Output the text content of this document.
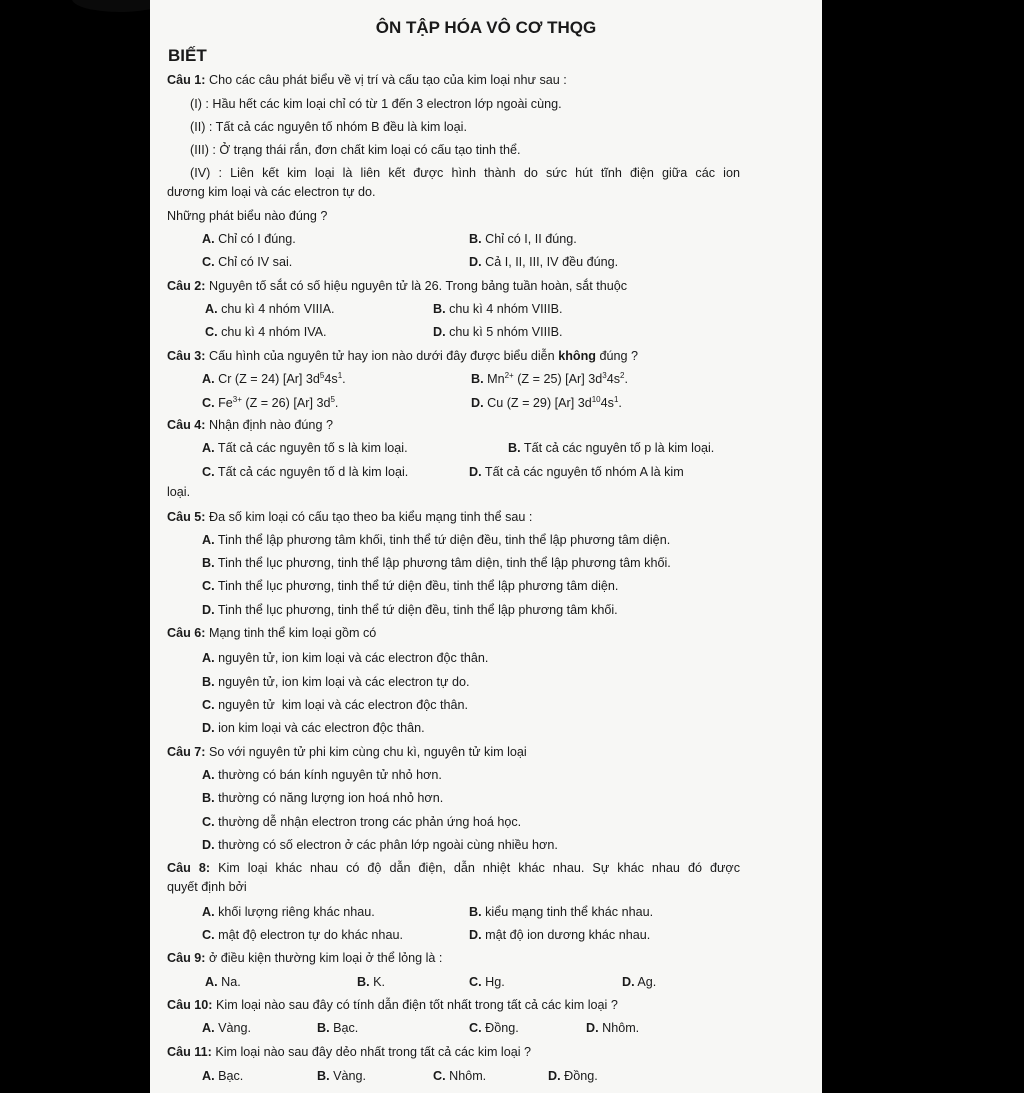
ÔN TẬP HÓA VÔ CƠ THQG
BIẾT
Câu 1: Cho các câu phát biểu về vị trí và cấu tạo của kim loại như sau :
(I) : Hầu hết các kim loại chỉ có từ 1 đến 3 electron lớp ngoài cùng.
(II) : Tất cả các nguyên tố nhóm B đều là kim loại.
(III) : Ở trạng thái rắn, đơn chất kim loại có cấu tạo tinh thể.
(IV) : Liên kết kim loại là liên kết được hình thành do sức hút tĩnh điện giữa các ion
dương kim loại và các electron tự do.
Những phát biểu nào đúng ?
A. Chỉ có I đúng.	B. Chỉ có I, II đúng.
C. Chỉ có IV sai.	D. Cả I, II, III, IV đều đúng.
Câu 2: Nguyên tố sắt có số hiệu nguyên tử là 26. Trong bảng tuần hoàn, sắt thuộc
A. chu kì 4 nhóm VIIIA.	B. chu kì 4 nhóm VIIIB.
C. chu kì 4 nhóm IVA.	D. chu kì 5 nhóm VIIIB.
Câu 3: Cấu hình của nguyên tử hay ion nào dưới đây được biểu diễn không đúng ?
A. Cr (Z = 24) [Ar] $3d^54s^1$.	B. $Mn^{2+}$ (Z = 25) [Ar] $3d^34s^2$.
C. $Fe^{3+}$ (Z = 26) [Ar] $3d^5$.	D. Cu (Z = 29) [Ar] $3d^{10}4s^1$.
Câu 4: Nhận định nào đúng ?
A. Tất cả các nguyên tố s là kim loại.	B. Tất cả các nguyên tố p là kim loại.
C. Tất cả các nguyên tố d là kim loại.	D. Tất cả các nguyên tố nhóm A là kim
loại.
Câu 5: Đa số kim loại có cấu tạo theo ba kiểu mạng tinh thể sau :
A. Tinh thể lập phương tâm khối, tinh thể tứ diện đều, tinh thể lập phương tâm diện.
B. Tinh thể lục phương, tinh thể lập phương tâm diện, tinh thể lập phương tâm khối.
C. Tinh thể lục phương, tinh thể tứ diện đều, tinh thể lập phương tâm diện.
D. Tinh thể lục phương, tinh thể tứ diện đều, tinh thể lập phương tâm khối.
Câu 6: Mạng tinh thể kim loại gồm có
A. nguyên tử, ion kim loại và các electron độc thân.
B. nguyên tử, ion kim loại và các electron tự do.
C. nguyên tử  kim loại và các electron độc thân.
D. ion kim loại và các electron độc thân.
Câu 7: So với nguyên tử phi kim cùng chu kì, nguyên tử kim loại
A. thường có bán kính nguyên tử nhỏ hơn.
B. thường có năng lượng ion hoá nhỏ hơn.
C. thường dễ nhận electron trong các phản ứng hoá học.
D. thường có số electron ở các phân lớp ngoài cùng nhiều hơn.
Câu 8: Kim loại khác nhau có độ dẫn điện, dẫn nhiệt khác nhau. Sự khác nhau đó được
quyết định bởi
A. khối lượng riêng khác nhau.	B. kiểu mạng tinh thể khác nhau.
C. mật độ electron tự do khác nhau.	D. mật độ ion dương khác nhau.
Câu 9: ở điều kiện thường kim loại ở thể lỏng là :
A. Na.	B. K.	C. Hg.	D. Ag.
Câu 10: Kim loại nào sau đây có tính dẫn điện tốt nhất trong tất cả các kim loại ?
A. Vàng.	B. Bạc.	C. Đồng.	D. Nhôm.
Câu 11: Kim loại nào sau đây dẻo nhất trong tất cả các kim loại ?
A. Bạc.	B. Vàng.	C. Nhôm.	D. Đồng.
